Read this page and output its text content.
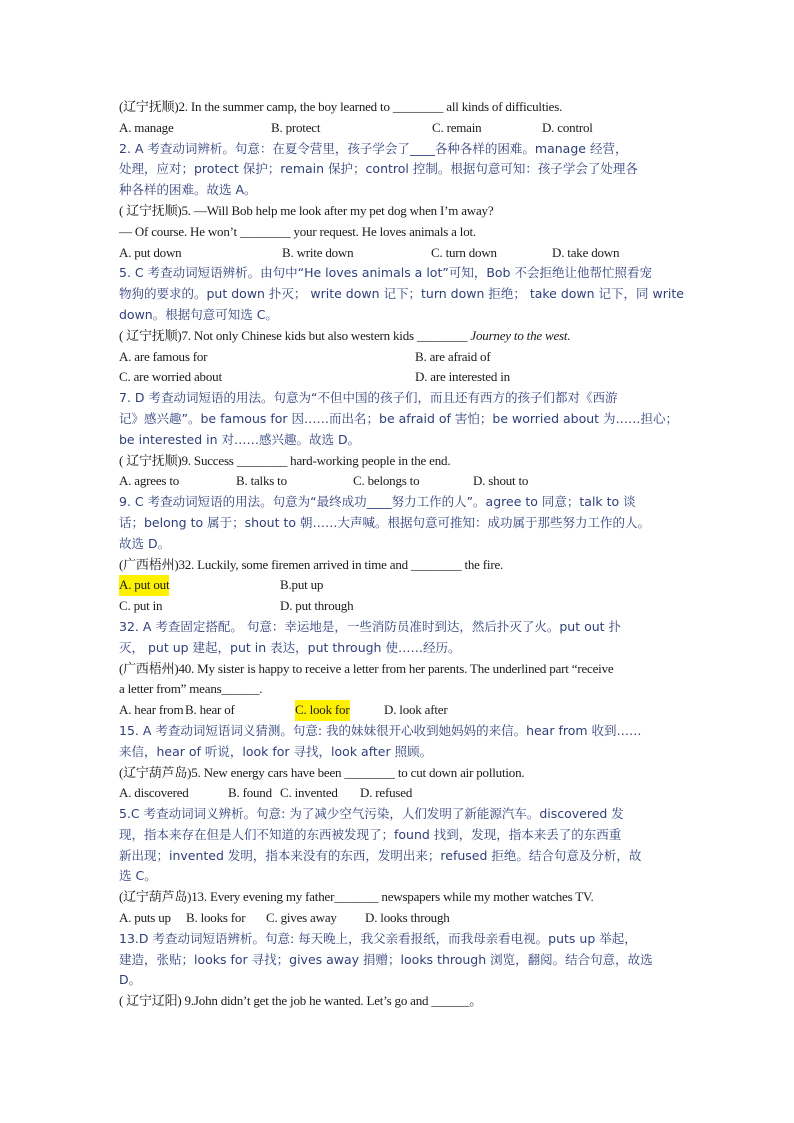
(辽宁抚顺)2. In the summer camp, the boy learned to ________ all kinds of difficulties.
A. manage	B. protect	C. remain	D. control
2. A 考查动词辨析。句意：在夏令营里，孩子学会了____各种各样的困难。manage 经营，
处理，应对；protect 保护；remain 保护；control 控制。根据句意可知：孩子学会了处理各
种各样的困难。故选 A。
( 辽宁抚顺)5. —Will Bob help me look after my pet dog when I’m away?
— Of course. He won’t ________ your request. He loves animals a lot.
A. put down	B. write down	C. turn down	D. take down
5. C 考查动词短语辨析。由句中“He loves animals a lot”可知，Bob 不会拒绝让他帮忙照看宠
物狗的要求的。put down 扑灭； write down 记下；turn down 拒绝； take down 记下，同 write
down。根据句意可知选 C。
( 辽宁抚顺)7. Not only Chinese kids but also western kids ________ Journey to the west.
A. are famous for	B. are afraid of
C. are worried about	D. are interested in
7. D 考查动词短语的用法。句意为“不但中国的孩子们，而且还有西方的孩子们都对《西游
记》感兴趣”。be famous for 因……而出名；be afraid of 害怕；be worried about 为……担心；
be interested in 对……感兴趣。故选 D。
( 辽宁抚顺)9. Success ________ hard-working people in the end.
A. agrees to	B. talks to	C. belongs to	D. shout to
9. C 考查动词短语的用法。句意为“最终成功____努力工作的人”。agree to 同意；talk to 谈
话；belong to 属于；shout to 朝……大声喊。根据句意可推知：成功属于那些努力工作的人。
故选 D。
(广西梧州)32. Luckily, some firemen arrived in time and ________ the fire.
A. put out	B.put up
C. put in	D. put through
32. A 考查固定搭配。 句意：幸运地是，一些消防员准时到达，然后扑灭了火。put out 扑
灭， put up 建起，put in 表达，put through 使……经历。
(广西梧州)40. My sister is happy to receive a letter from her parents. The underlined part “receive
a letter from” means______.
A. hear from B. hear of	C. look for	D. look after
15. A 考查动词短语词义猜测。句意: 我的妹妹很开心收到她妈妈的来信。hear from 收到……
来信，hear of 听说，look for 寻找，look after 照顾。
(辽宁葫芦岛)5. New energy cars have been ________ to cut down air pollution.
A. discovered	B. found C. invented D. refused
5.C 考查动词词义辨析。句意: 为了减少空气污染，人们发明了新能源汽车。discovered 发
现，指本来存在但是人们不知道的东西被发现了；found 找到，发现，指本来丢了的东西重
新出现；invented 发明，指本来没有的东西，发明出来；refused 拒绝。结合句意及分析，故
选 C。
(辽宁葫芦岛)13. Every evening my father_______ newspapers while my mother watches TV.
A. puts up B. looks for C. gives away D. looks through
13.D 考查动词短语辨析。句意: 每天晚上，我父亲看报纸，而我母亲看电视。puts up 举起，
建造，张贴；looks for 寻找；gives away 捐赠；looks through 浏览，翻阅。结合句意，故选
D。
( 辽宁辽阳) 9.John didn’t get the job he wanted. Let’s go and ______。
